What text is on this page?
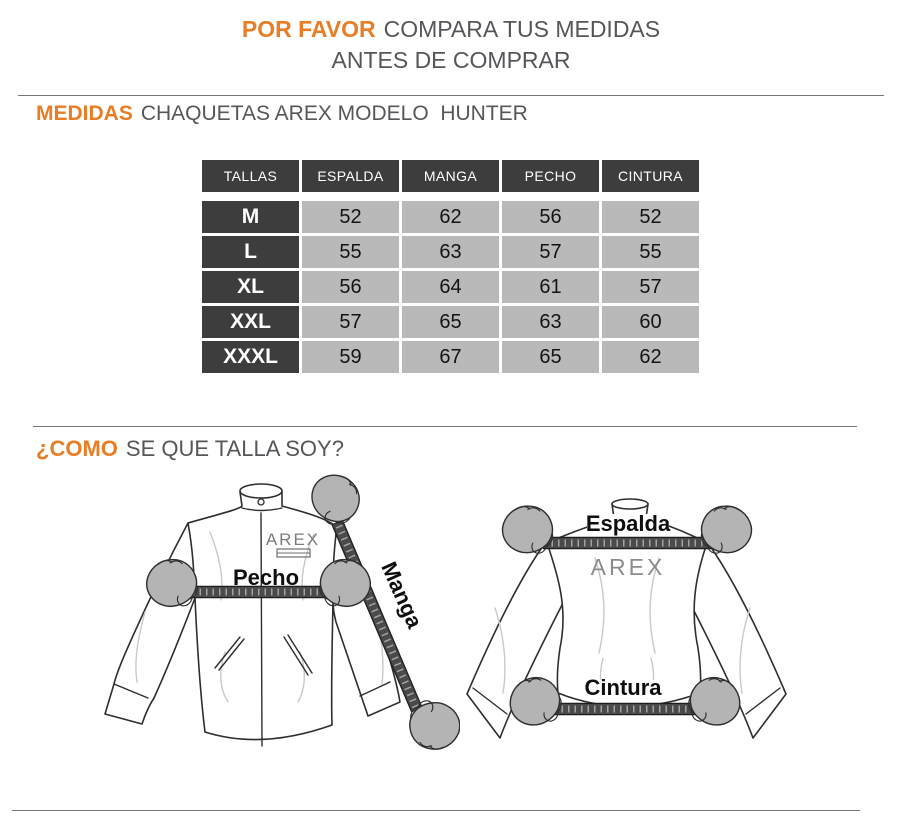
POR FAVOR COMPARA TUS MEDIDAS
ANTES DE COMPRAR
MEDIDAS CHAQUETAS AREX MODELO  HUNTER
TALLAS	ESPALDA	MANGA	PECHO	CINTURA

M	52	62	56	52
L	55	63	57	55
XL	56	64	61	57
XXL	57	65	63	60
XXXL	59	67	65	62
¿COMO SE QUE TALLA SOY?
AREX
Pecho	Manga	AREX
Espalda
Cintura
